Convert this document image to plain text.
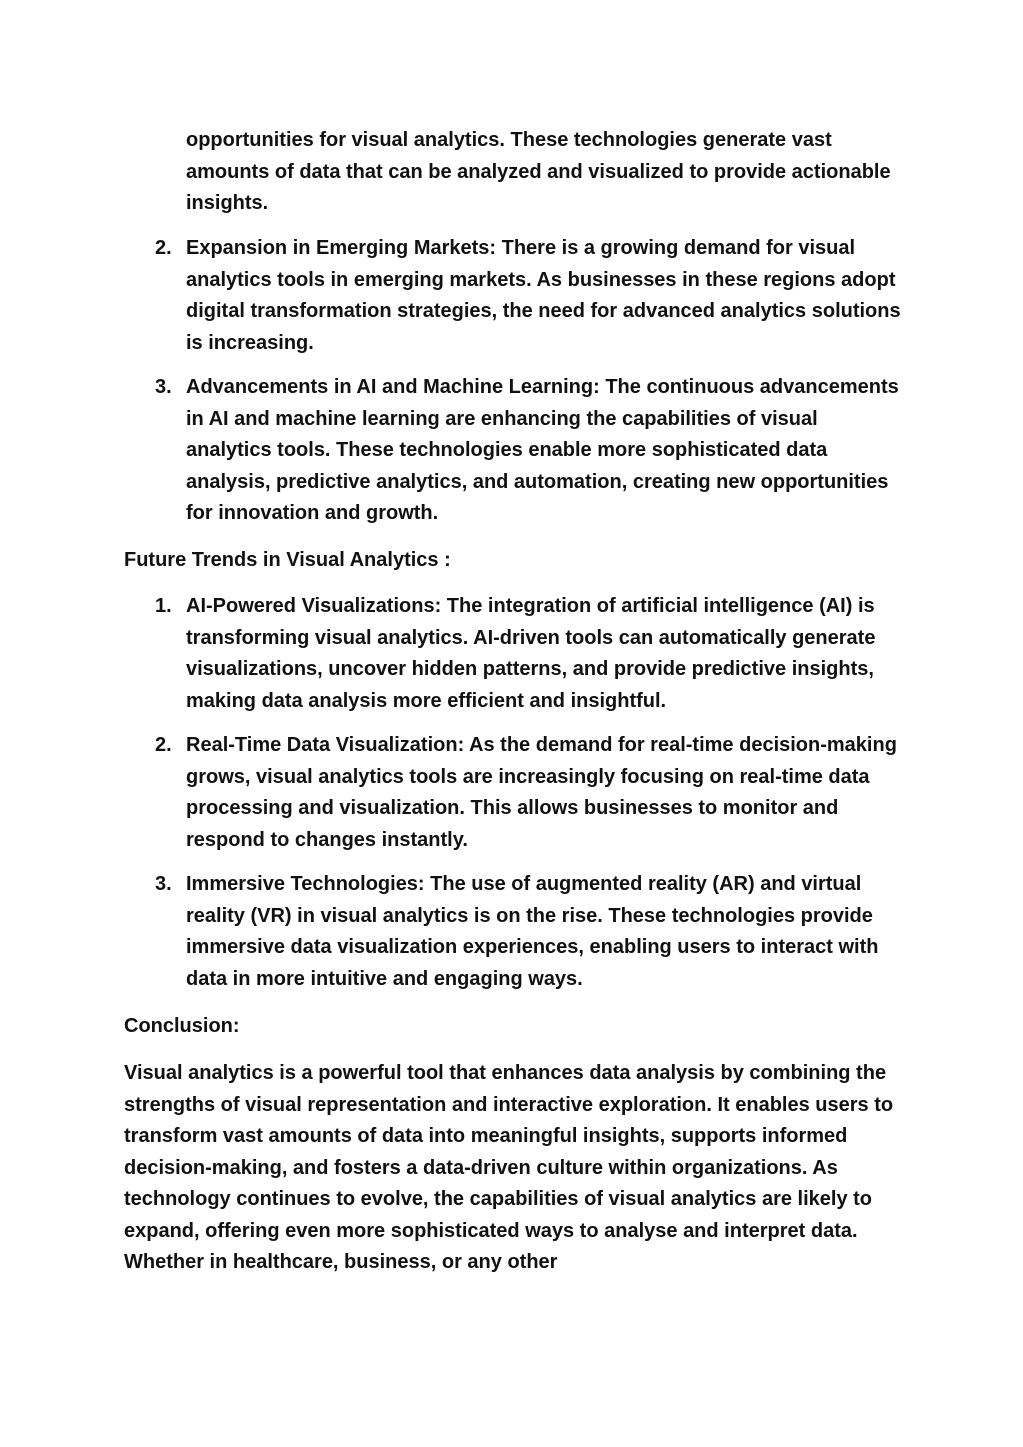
opportunities for visual analytics. These technologies generate vast amounts of data that can be analyzed and visualized to provide actionable insights.
2. Expansion in Emerging Markets: There is a growing demand for visual analytics tools in emerging markets. As businesses in these regions adopt digital transformation strategies, the need for advanced analytics solutions is increasing.
3. Advancements in AI and Machine Learning: The continuous advancements in AI and machine learning are enhancing the capabilities of visual analytics tools. These technologies enable more sophisticated data analysis, predictive analytics, and automation, creating new opportunities for innovation and growth.
Future Trends in Visual Analytics :
1. AI-Powered Visualizations: The integration of artificial intelligence (AI) is transforming visual analytics. AI-driven tools can automatically generate visualizations, uncover hidden patterns, and provide predictive insights, making data analysis more efficient and insightful.
2. Real-Time Data Visualization: As the demand for real-time decision-making grows, visual analytics tools are increasingly focusing on real-time data processing and visualization. This allows businesses to monitor and respond to changes instantly.
3. Immersive Technologies: The use of augmented reality (AR) and virtual reality (VR) in visual analytics is on the rise. These technologies provide immersive data visualization experiences, enabling users to interact with data in more intuitive and engaging ways.
Conclusion:
Visual analytics is a powerful tool that enhances data analysis by combining the strengths of visual representation and interactive exploration. It enables users to transform vast amounts of data into meaningful insights, supports informed decision-making, and fosters a data-driven culture within organizations. As technology continues to evolve, the capabilities of visual analytics are likely to expand, offering even more sophisticated ways to analyse and interpret data. Whether in healthcare, business, or any other
